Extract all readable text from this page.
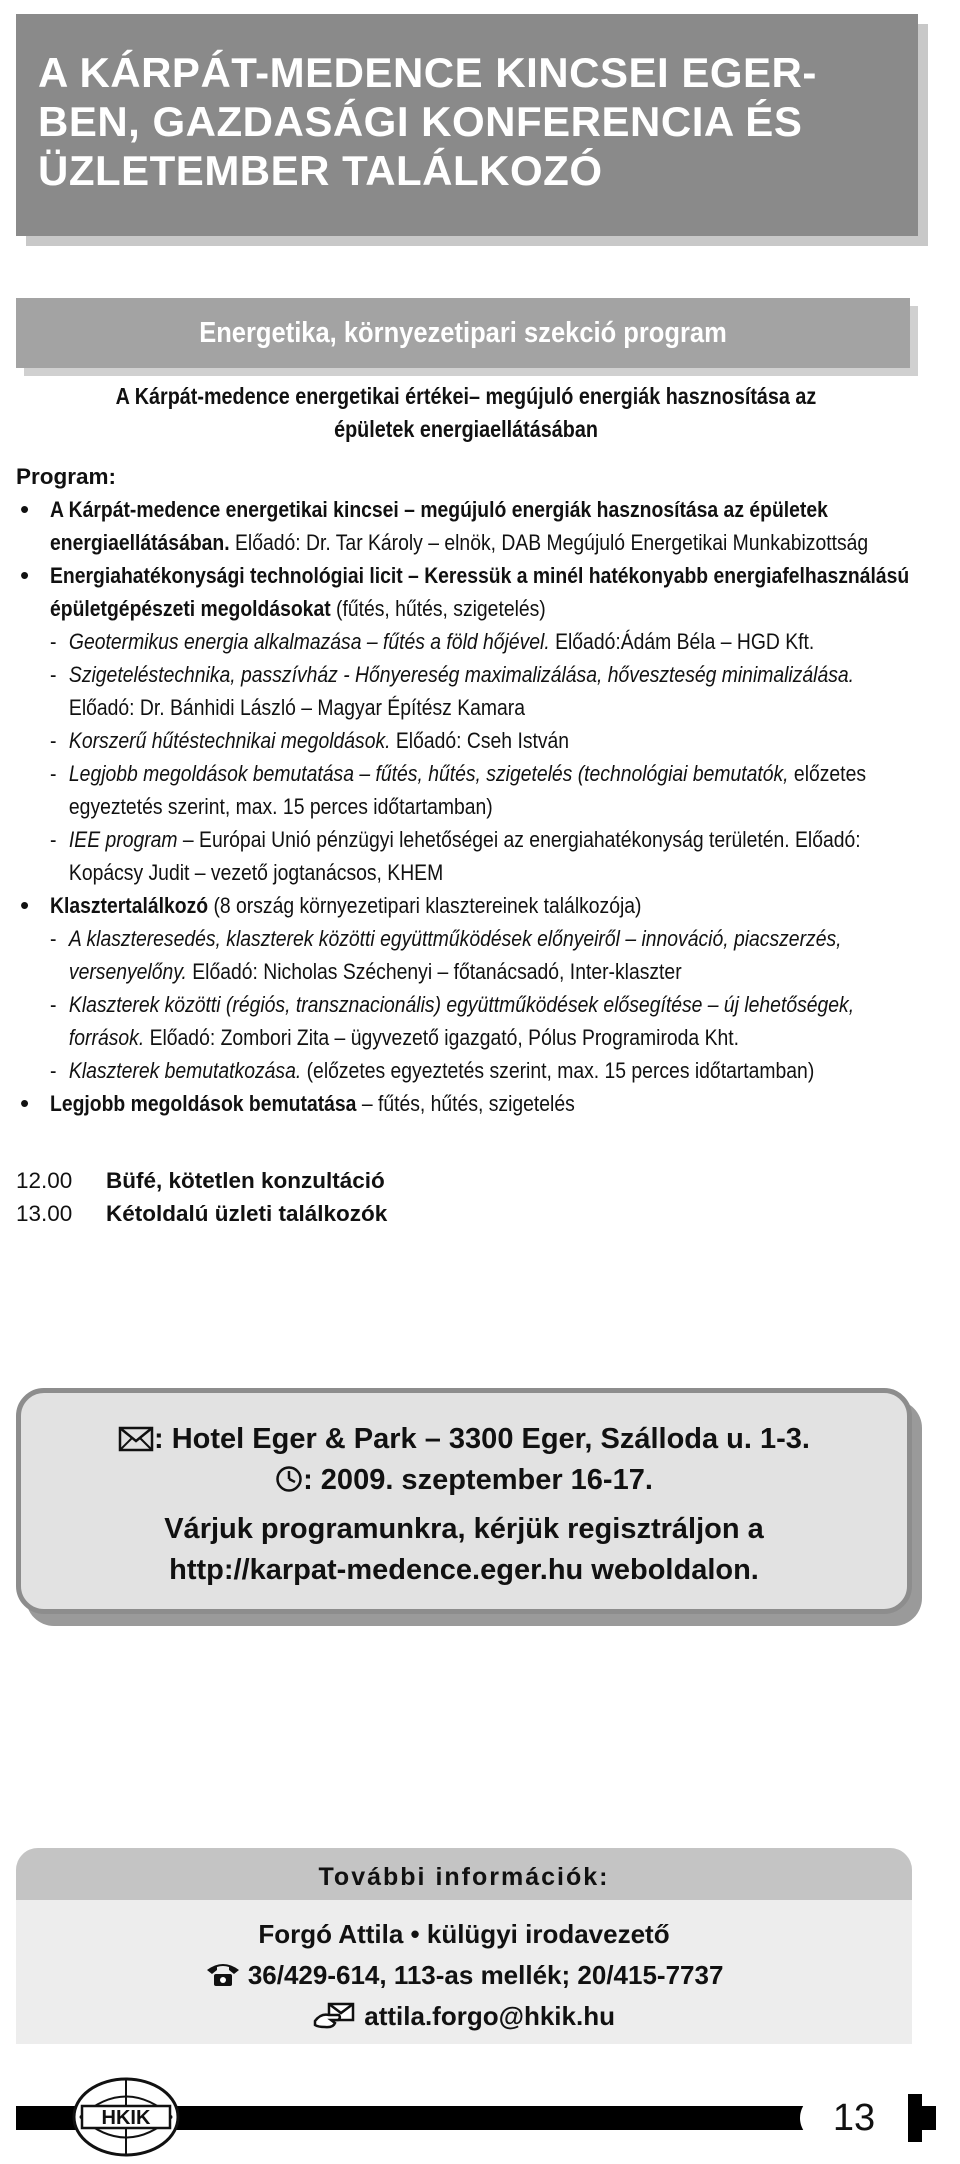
A KÁRPÁT-MEDENCE KINCSEI EGER-
BEN, GAZDASÁGI KONFERENCIA ÉS
ÜZLETEMBER TALÁLKOZÓ
Energetika, környezetipari szekció program
A Kárpát-medence energetikai értékei– megújuló energiák hasznosítása az
épületek energiaellátásában
Program:
• A Kárpát-medence energetikai kincsei – megújuló energiák hasznosítása az épületek energiaellátásában. Előadó: Dr. Tar Károly – elnök, DAB Megújuló Energetikai Munkabizottság
• Energiahatékonysági technológiai licit – Keressük a minél hatékonyabb energiafelhasználású épületgépészeti megoldásokat (fűtés, hűtés, szigetelés)
- Geotermikus energia alkalmazása – fűtés a föld hőjével. Előadó:Ádám Béla – HGD Kft.
- Szigeteléstechnika, passzívház - Hőnyereség maximalizálása, hőveszteség minimalizálása. Előadó: Dr. Bánhidi László – Magyar Építész Kamara
- Korszerű hűtéstechnikai megoldások. Előadó: Cseh István
- Legjobb megoldások bemutatása – fűtés, hűtés, szigetelés (technológiai bemutatók, előzetes egyeztetés szerint, max. 15 perces időtartamban)
- IEE program – Európai Unió pénzügyi lehetőségei az energiahatékonyság területén. Előadó: Kopácsy Judit – vezető jogtanácsos, KHEM
• Klasztertalálkozó (8 ország környezetipari klasztereinek találkozója)
- A klaszteresedés, klaszterek közötti együttműködések előnyeiről – innováció, piacszerzés, versenyelőny. Előadó: Nicholas Széchenyi – főtanácsadó, Inter-klaszter
- Klaszterek közötti (régiós, transznacionális) együttműködések elősegítése – új lehetőségek, források. Előadó: Zombori Zita – ügyvezető igazgató, Pólus Programiroda Kht.
- Klaszterek bemutatkozása. (előzetes egyeztetés szerint, max. 15 perces időtartamban)
• Legjobb megoldások bemutatása – fűtés, hűtés, szigetelés
12.00	Büfé, kötetlen konzultáció
13.00	Kétoldalú üzleti találkozók
: Hotel Eger & Park – 3300 Eger, Szálloda u. 1-3.
: 2009. szeptember 16-17.
Várjuk programunkra, kérjük regisztráljon a
http://karpat-medence.eger.hu weboldalon.
További információk:
Forgó Attila • külügyi irodavezető
36/429-614, 113-as mellék; 20/415-7737
attila.forgo@hkik.hu
HKIK	13
